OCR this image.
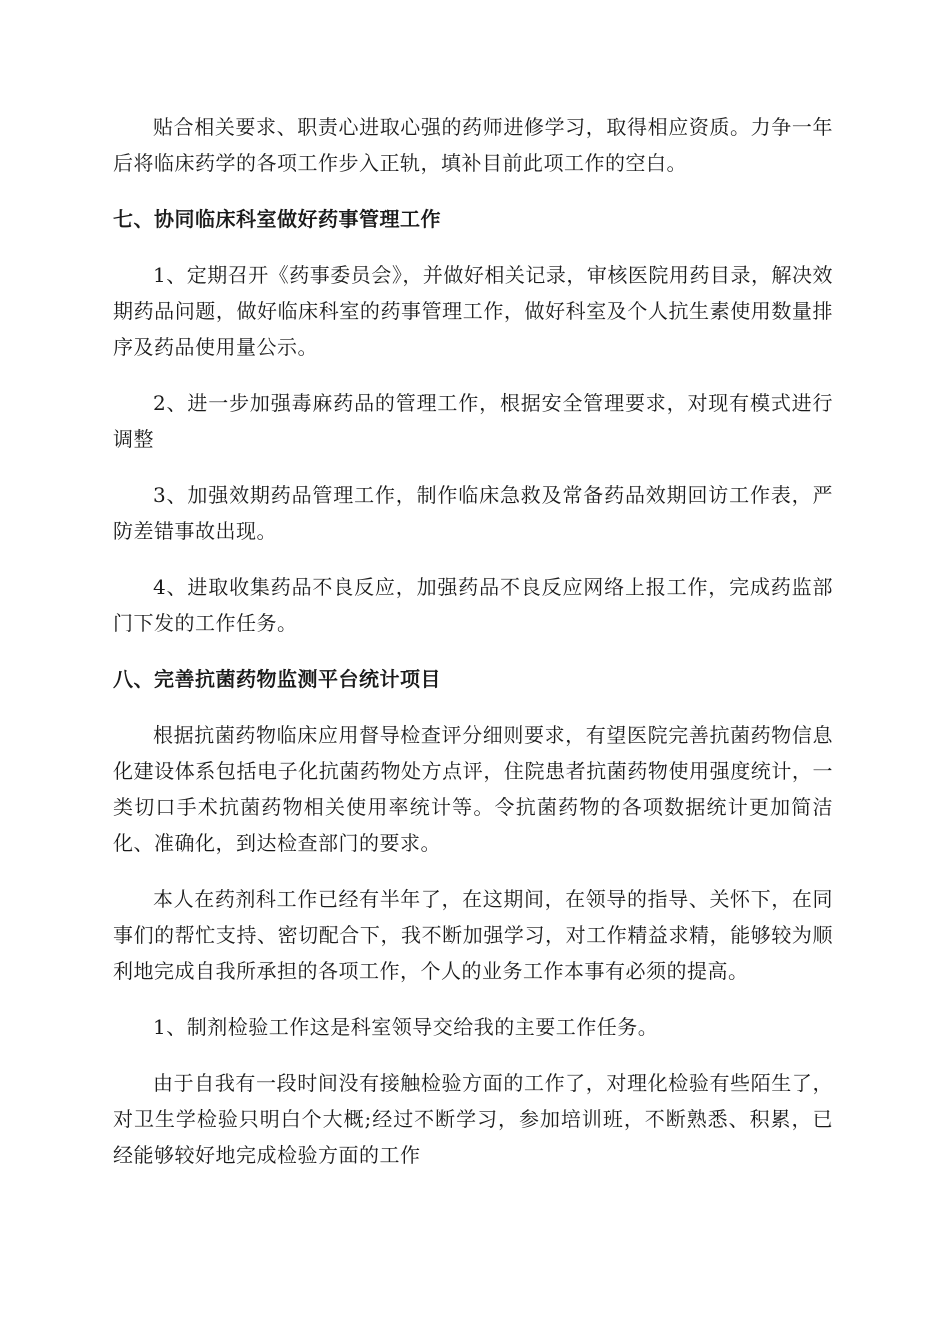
贴合相关要求、职责心进取心强的药师进修学习，取得相应资质。力争一年后将临床药学的各项工作步入正轨，填补目前此项工作的空白。

七、协同临床科室做好药事管理工作

1、定期召开《药事委员会》，并做好相关记录，审核医院用药目录，解决效期药品问题，做好临床科室的药事管理工作，做好科室及个人抗生素使用数量排序及药品使用量公示。

2、进一步加强毒麻药品的管理工作，根据安全管理要求，对现有模式进行调整

3、加强效期药品管理工作，制作临床急救及常备药品效期回访工作表，严防差错事故出现。

4、进取收集药品不良反应，加强药品不良反应网络上报工作，完成药监部门下发的工作任务。

八、完善抗菌药物监测平台统计项目

根据抗菌药物临床应用督导检查评分细则要求，有望医院完善抗菌药物信息化建设体系包括电子化抗菌药物处方点评，住院患者抗菌药物使用强度统计，一类切口手术抗菌药物相关使用率统计等。令抗菌药物的各项数据统计更加简洁化、准确化，到达检查部门的要求。

本人在药剂科工作已经有半年了，在这期间，在领导的指导、关怀下，在同事们的帮忙支持、密切配合下，我不断加强学习，对工作精益求精，能够较为顺利地完成自我所承担的各项工作，个人的业务工作本事有必须的提高。

1、制剂检验工作这是科室领导交给我的主要工作任务。

由于自我有一段时间没有接触检验方面的工作了，对理化检验有些陌生了，对卫生学检验只明白个大概;经过不断学习，参加培训班，不断熟悉、积累，已经能够较好地完成检验方面的工作
